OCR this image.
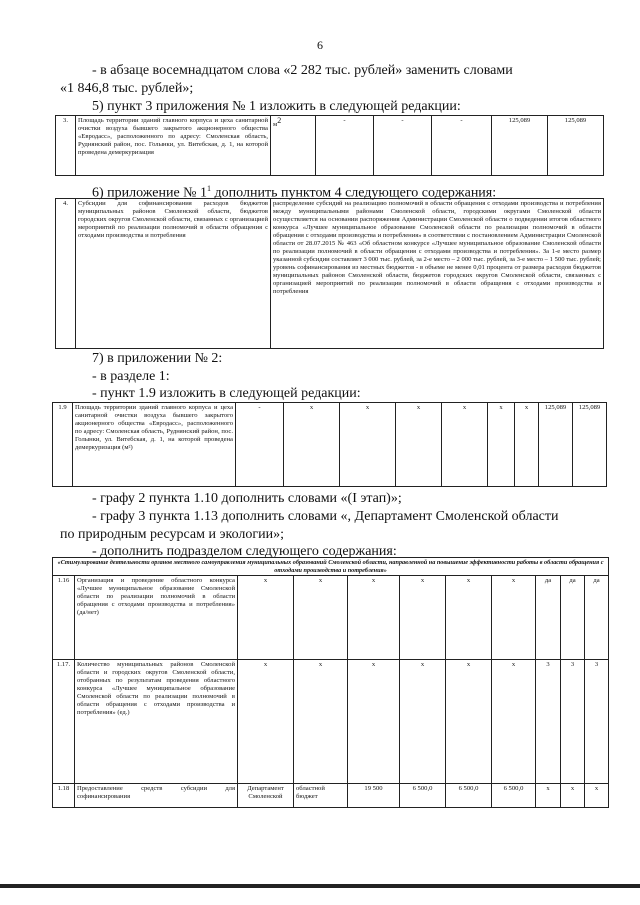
6
- в абзаце восемнадцатом слова «2 282 тыс. рублей» заменить словами
«1 846,8 тыс. рублей»;
5) пункт 3 приложения № 1 изложить в следующей редакции:
3.	Площадь территории зданий главного корпуса и цеха санитарной очистки воздуха бывшего закрытого акционерного общества «Евродасс», расположенного по адресу: Смоленская область, Руднянский район, пос. Голынки, ул. Витебская, д. 1, на которой проведена демеркуризация	м2	-	-	-	125,089	125,089
6) приложение № $1^1$ дополнить пунктом 4 следующего содержания:
4.	Субсидии для софинансирования расходов бюджетов муниципальных районов Смоленской области, бюджетов городских округов Смоленской области, связанных с организацией мероприятий по реализации полномочий в области обращения с отходами производства и потребления	распределение субсидий на реализацию полномочий в области обращения с отходами производства и потребления между муниципальными районами Смоленской области, городскими округами Смоленской области осуществляется на основании распоряжения Администрации Смоленской области о подведении итогов областного конкурса «Лучшее муниципальное образование Смоленской области по реализации полномочий в области обращения с отходами производства и потребления» в соответствии с постановлением Администрации Смоленской области от 28.07.2015 № 463 «Об областном конкурсе «Лучшее муниципальное образование Смоленской области по реализации полномочий в области обращения с отходами производства и потребления». За 1-е место размер указанной субсидии составляет 3 000 тыс. рублей, за 2-е место – 2 000 тыс. рублей, за 3-е место – 1 500 тыс. рублей; уровень софинансирования из местных бюджетов - в объеме не менее 0,01 процента от размера расходов бюджетов муниципальных районов Смоленской области, бюджетов городских округов Смоленской области, связанных с организацией мероприятий по реализации полномочий в области обращения с отходами производства и потребления
7) в приложении № 2:
- в разделе 1:
- пункт 1.9 изложить в следующей редакции:
1.9	Площадь территории зданий главного корпуса и цеха санитарной очистки воздуха бывшего закрытого акционерного общества «Евродасс», расположенного по адресу: Смоленская область, Руднянский район, пос. Голынки, ул. Витебская, д. 1, на которой проведена демеркуризация (м²)	-	х	х	х	х	х	х	125,089	125,089
- графу 2 пункта 1.10 дополнить словами «(I этап)»;
- графу 3 пункта 1.13 дополнить словами «, Департамент Смоленской области
по природным ресурсам и экологии»;
- дополнить подразделом следующего содержания:
«Стимулирование деятельности органов местного самоуправления муниципальных образований Смоленской области, направленной на повышение эффективности работы в области обращения с отходами производства и потребления»										
1.16	Организация и проведение областного конкурса «Лучшее муниципальное образование Смоленской области по реализации полномочий в области обращения с отходами производства и потребления» (да/нет)	х	х	х	х	х	х	да	да	да
1.17.	Количество муниципальных районов Смоленской области и городских округов Смоленской области, отобранных по результатам проведения областного конкурса «Лучшее муниципальное образование Смоленской области по реализации полномочий в области обращения с отходами производства и потребления» (ед.)	х	х	х	х	х	х	3	3	3
1.18	Предоставление средств субсидии для софинансирования	Департамент Смоленской	областной бюджет	19 500	6 500,0	6 500,0	6 500,0	х	х	х
